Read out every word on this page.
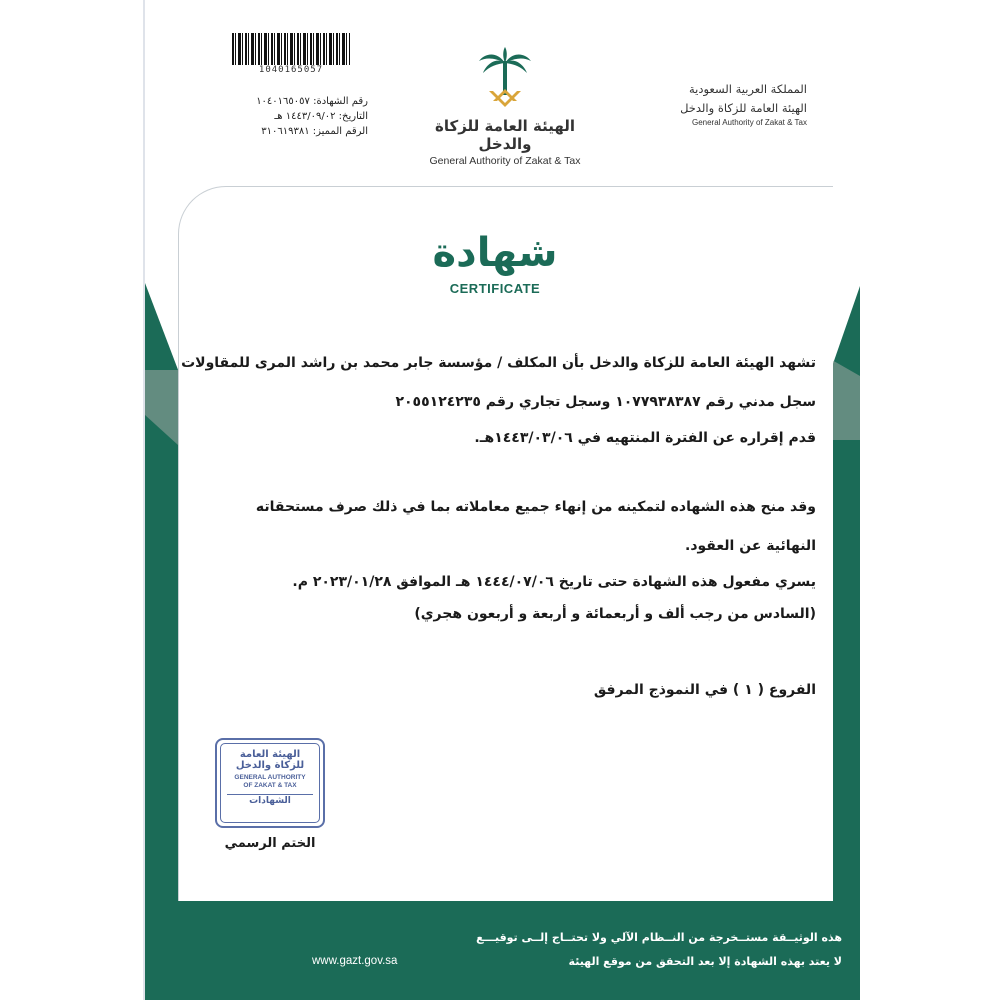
1040165057
رقم الشهادة: ١٠٤٠١٦٥٠٥٧
التاريخ: ١٤٤٣/٠٩/٠٢ هـ
الرقم المميز: ٣١٠٦١٩٣٨١	الهيئة العامة للزكاة والدخل
General Authority of Zakat & Tax
المملكة العربية السعودية
الهيئة العامة للزكاة والدخل
General Authority of Zakat & Tax
شهادة
CERTIFICATE
تشهد الهيئة العامة للزكاة والدخل بأن المكلف / مؤسسة جابر محمد بن راشد المرى للمقاولات
سجل مدني رقم ١٠٧٧٩٣٨٣٨٧ وسجل تجاري رقم ٢٠٥٥١٢٤٢٣٥
قدم إقراره عن الفترة المنتهيه في ١٤٤٣/٠٣/٠٦هـ.
وقد منح هذه الشهاده لتمكينه من إنهاء جميع معاملاته بما في ذلك صرف مستحقاته
النهائية عن العقود.
يسري مفعول هذه الشهادة حتى تاريخ ١٤٤٤/٠٧/٠٦ هـ الموافق ٢٠٢٣/٠١/٢٨ م.
(السادس من رجب ألف و أربعمائة و أربعة و أربعون هجري)
الفروع ( ١ ) في النموذج المرفق
الهيئة العامة
للزكاة والدخل
GENERAL AUTHORITY
OF ZAKAT & TAX
الشهادات
الختم الرسمي
هذه الوثيــقة مستــخرجة من النــظام الآلي ولا تحتــاج إلــى توقيـــع
لا يعتد بهذه الشهادة إلا بعد التحقق من موقع الهيئة
www.gazt.gov.sa
